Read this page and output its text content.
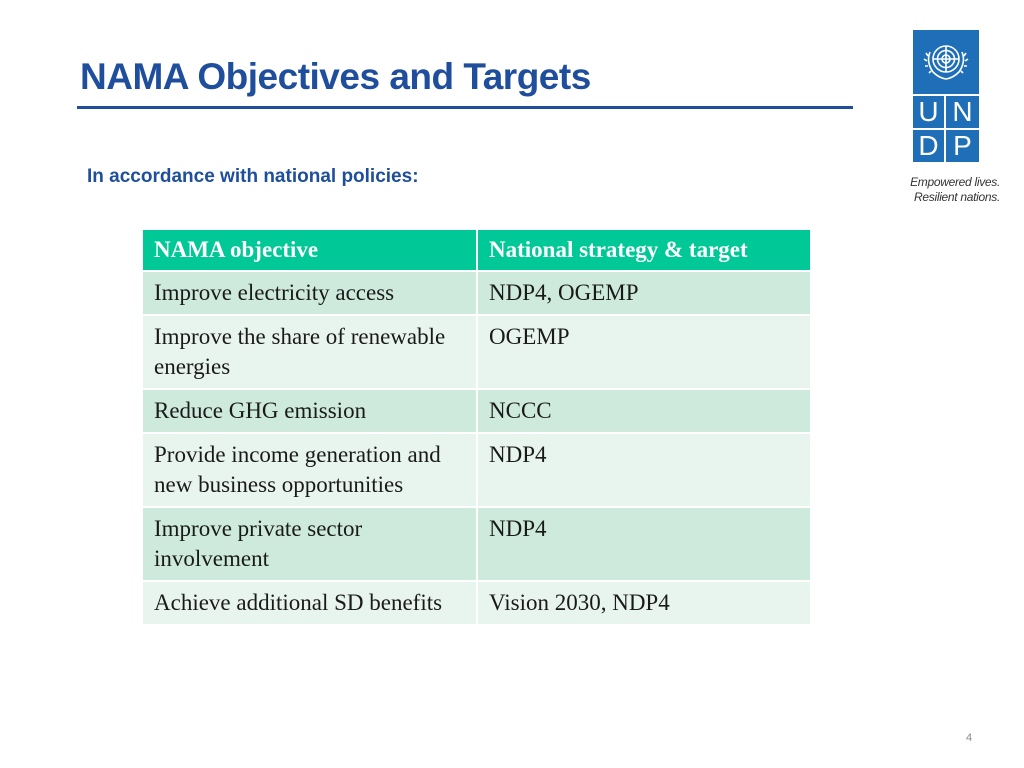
NAMA Objectives and Targets

In accordance with national policies:

U N
D P
Empowered lives.
Resilient nations.
NAMA objective	National strategy & target
Improve electricity access	NDP4, OGEMP
Improve the share of renewable energies	OGEMP
Reduce GHG emission	NCCC
Provide income generation and new business opportunities	NDP4
Improve private sector involvement	NDP4
Achieve additional SD benefits	Vision 2030, NDP4
4
